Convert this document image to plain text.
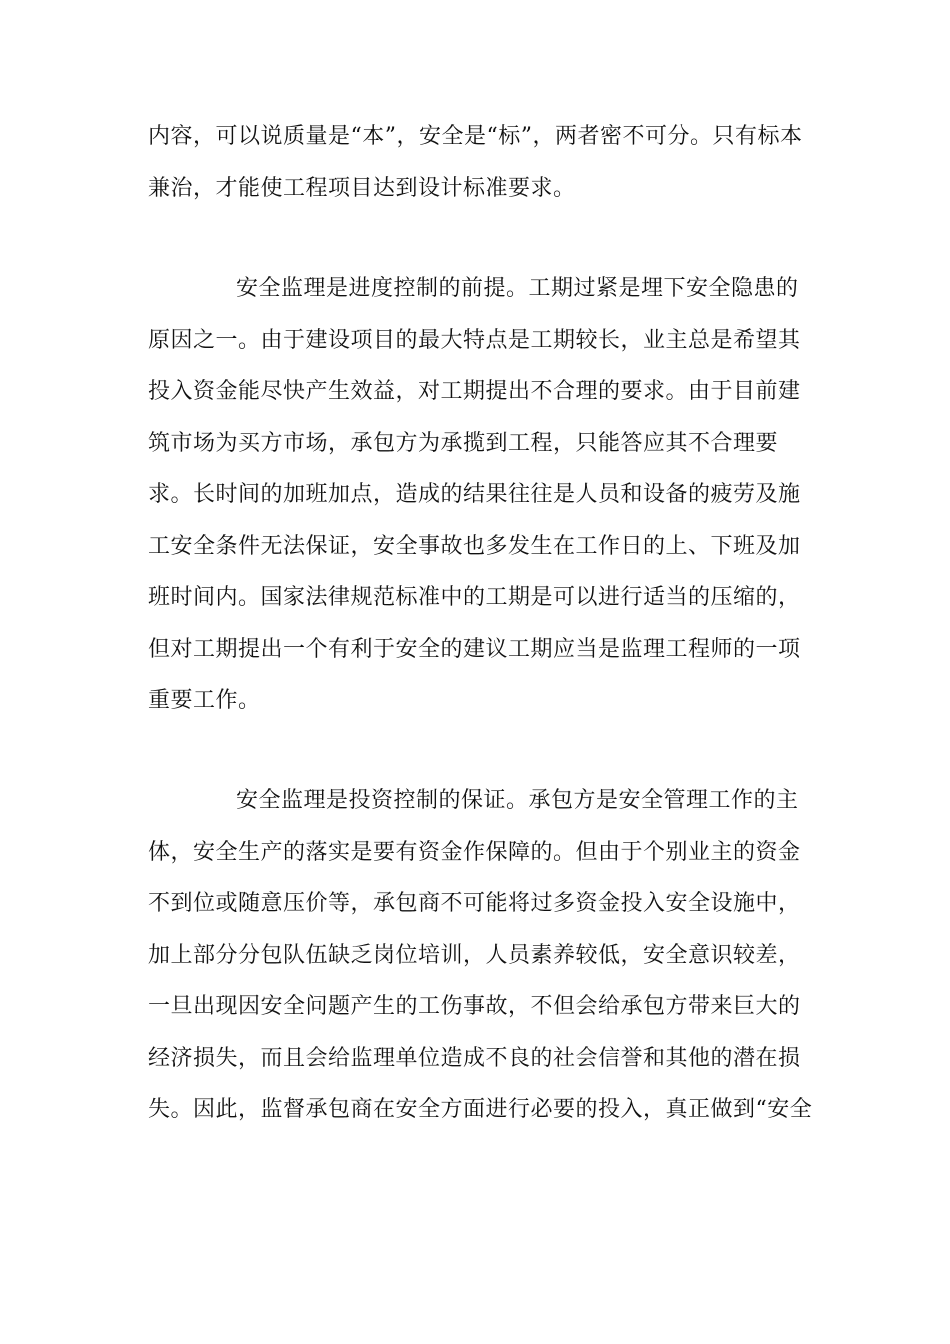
内容，可以说质量是“本”，安全是“标”，两者密不可分。只有标本
兼治，才能使工程项目达到设计标准要求。
安全监理是进度控制的前提。工期过紧是埋下安全隐患的
原因之一。由于建设项目的最大特点是工期较长，业主总是希望其
投入资金能尽快产生效益，对工期提出不合理的要求。由于目前建
筑市场为买方市场，承包方为承揽到工程，只能答应其不合理要
求。长时间的加班加点，造成的结果往往是人员和设备的疲劳及施
工安全条件无法保证，安全事故也多发生在工作日的上、下班及加
班时间内。国家法律规范标准中的工期是可以进行适当的压缩的，
但对工期提出一个有利于安全的建议工期应当是监理工程师的一项
重要工作。
安全监理是投资控制的保证。承包方是安全管理工作的主
体，安全生产的落实是要有资金作保障的。但由于个别业主的资金
不到位或随意压价等，承包商不可能将过多资金投入安全设施中，
加上部分分包队伍缺乏岗位培训，人员素养较低，安全意识较差，
一旦出现因安全问题产生的工伤事故，不但会给承包方带来巨大的
经济损失，而且会给监理单位造成不良的社会信誉和其他的潜在损
失。因此，监督承包商在安全方面进行必要的投入，真正做到“安全
